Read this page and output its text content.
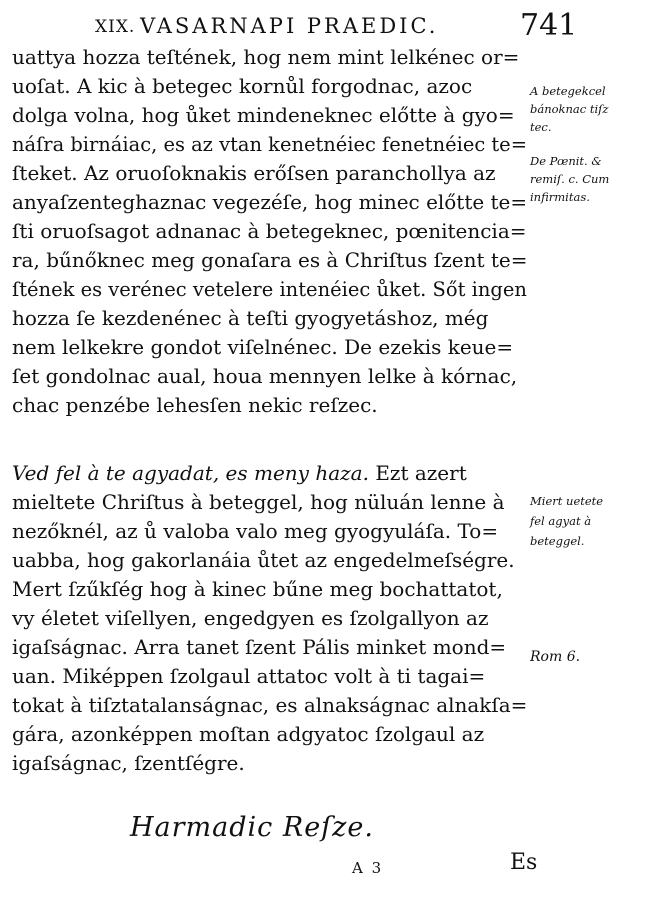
XIX. VASARNAPI PRAEDIC.	741
uattya hozza teſtének, hog nem mint lelkénec or=
uoſat. A kic à betegec kornůl forgodnac, azoc
dolga volna, hog ůket mindeneknec előtte à gyo=
náſra birnáiac, es az vtan kenetnéiec fenetnéiec te=
ſteket. Az oruoſoknakis erőſsen paranchollya az
anyaſzenteghaznac vegezéſe, hog minec előtte te=
ſti oruoſsagot adnanac à betegeknec, pœnitencia=
ra, bűnőknec meg gonaſara es à Chriſtus ſzent te=
ſtének es verénec vetelere intenéiec ůket. Sőt ingen
hozza ſe kezdenénec à teſti gyogyetáshoz, még
nem lelkekre gondot viſelnénec. De ezekis keue=
ſet gondolnac aual, houa mennyen lelke à kórnac,
chac penzébe lehesſen nekic reſzec.
Ved fel à te agyadat, es meny haza. Ezt azert
mieltete Chriſtus à beteggel, hog nüluán lenne à
nezőknél, az ů valoba valo meg gyogyuláſa. To=
uabba, hog gakorlanáia ůtet az engedelmeſségre.
Mert ſzűkſég hog à kinec bűne meg bochattatot,
vy életet viſellyen, engedgyen es ſzolgallyon az
igaſságnac. Arra tanet ſzent Pális minket mond=
uan. Miképpen ſzolgaul attatoc volt à ti tagai=
tokat à tiſztatalanságnac, es alnakságnac alnakſa=
gára, azonképpen moſtan adgyatoc ſzolgaul az
igaſságnac, ſzentſégre.
A betegekcel
bánoknac tiſz
tec.
De Pœnit. &
remiſ. c. Cum
infirmitas.
Miert uetete
fel agyat à
beteggel.
Rom 6.
Harmadic Reſze.
A 3	Es
